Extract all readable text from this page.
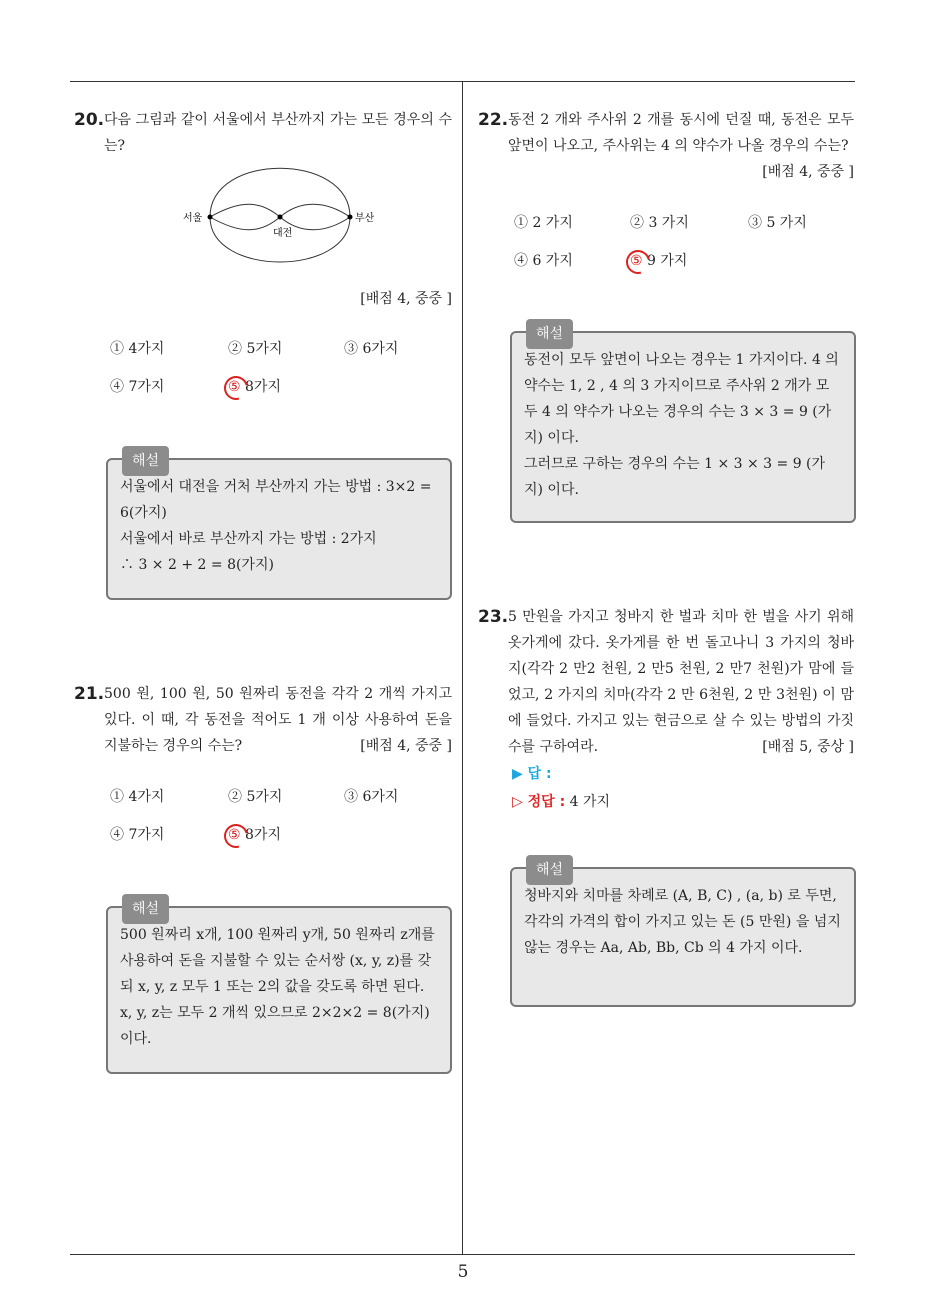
5
20. 다음 그림과 같이 서울에서 부산까지 가는 모든 경우의 수는?
서울
대전
부산
[배점 4, 중중 ]
① 4가지	② 5가지	③ 6가지
④ 7가지	⑤ 8가지
해설

서울에서 대전을 거처 부산까지 가는 방법 : 3×2 = 6(가지)

서울에서 바로 부산까지 가는 방법 : 2가지

∴ 3 × 2 + 2 = 8(가지)

21. 500 원, 100 원, 50 원짜리 동전을 각각 2 개씩 가지고 있다. 이 때, 각 동전을 적어도 1 개 이상 사용하여 돈을 지불하는 경우의 수는?	[배점 4, 중중 ]
① 4가지	② 5가지	③ 6가지
④ 7가지	⑤ 8가지
해설

500 원짜리 x개, 100 원짜리 y개, 50 원짜리 z개를 사용하여 돈을 지불할 수 있는 순서쌍 (x, y, z)를 갖되 x, y, z 모두 1 또는 2의 값을 갖도록 하면 된다. x, y, z는 모두 2 개씩 있으므로 2×2×2 = 8(가지)이다.

22. 동전 2 개와 주사위 2 개를 동시에 던질 때, 동전은 모두 앞면이 나오고, 주사위는 4 의 약수가 나올 경우의 수는?
[배점 4, 중중 ]
① 2 가지	② 3 가지	③ 5 가지
④ 6 가지	⑤ 9 가지
해설

동전이 모두 앞면이 나오는 경우는 1 가지이다. 4 의 약수는 1, 2 , 4 의 3 가지이므로 주사위 2 개가 모두 4 의 약수가 나오는 경우의 수는 3 × 3 = 9 (가지) 이다.

그러므로 구하는 경우의 수는 1 × 3 × 3 = 9 (가지) 이다.

23. 5 만원을 가지고 청바지 한 벌과 치마 한 벌을 사기 위해 옷가게에 갔다. 옷가게를 한 번 돌고나니 3 가지의 청바지(각각 2 만2 천원, 2 만5 천원, 2 만7 천원)가 맘에 들었고, 2 가지의 치마(각각 2 만 6천원, 2 만 3천원) 이 맘에 들었다. 가지고 있는 현금으로 살 수 있는 방법의 가짓수를 구하여라.	[배점 5, 중상 ]
▶ 답 :
▷ 정답 : 4 가지
해설

청바지와 치마를 차례로 (A, B, C) , (a, b) 로 두면, 각각의 가격의 합이 가지고 있는 돈 (5 만원) 을 넘지 않는 경우는 Aa, Ab, Bb, Cb 의 4 가지 이다.
